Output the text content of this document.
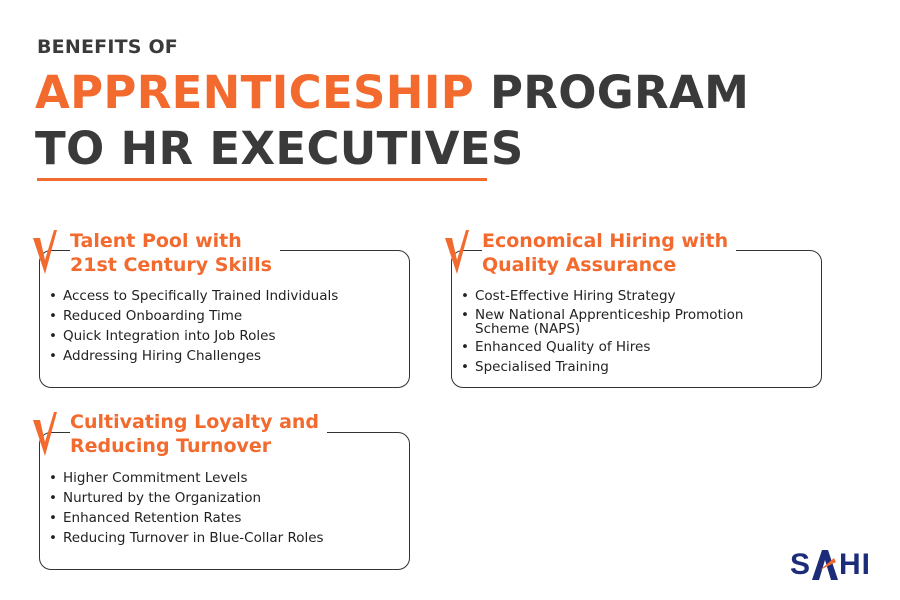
BENEFITS OF
APPRENTICESHIP PROGRAM
TO HR EXECUTIVES
Talent Pool with
21st Century Skills
• Access to Specifically Trained Individuals
• Reduced Onboarding Time
• Quick Integration into Job Roles
• Addressing Hiring Challenges
Economical Hiring with
Quality Assurance
• Cost-Effective Hiring Strategy
• New National Apprenticeship Promotion Scheme (NAPS)
• Enhanced Quality of Hires
• Specialised Training
Cultivating Loyalty and
Reducing Turnover
• Higher Commitment Levels
• Nurtured by the Organization
• Enhanced Retention Rates
• Reducing Turnover in Blue-Collar Roles
S HI
